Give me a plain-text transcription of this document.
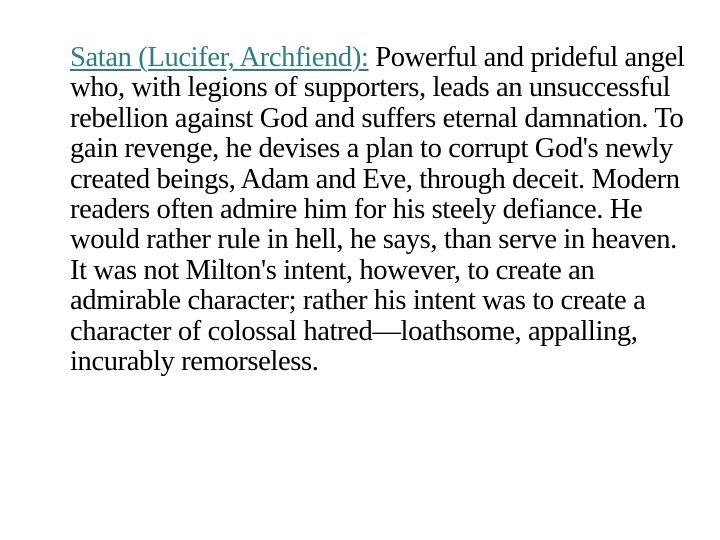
Satan (Lucifer, Archfiend): Powerful and prideful angel who, with legions of supporters, leads an unsuccessful rebellion against God and suffers eternal damnation. To gain revenge, he devises a plan to corrupt God's newly created beings, Adam and Eve, through deceit. Modern readers often admire him for his steely defiance. He would rather rule in hell, he says, than serve in heaven. It was not Milton's intent, however, to create an admirable character; rather his intent was to create a character of colossal hatred—loathsome, appalling, incurably remorseless.
